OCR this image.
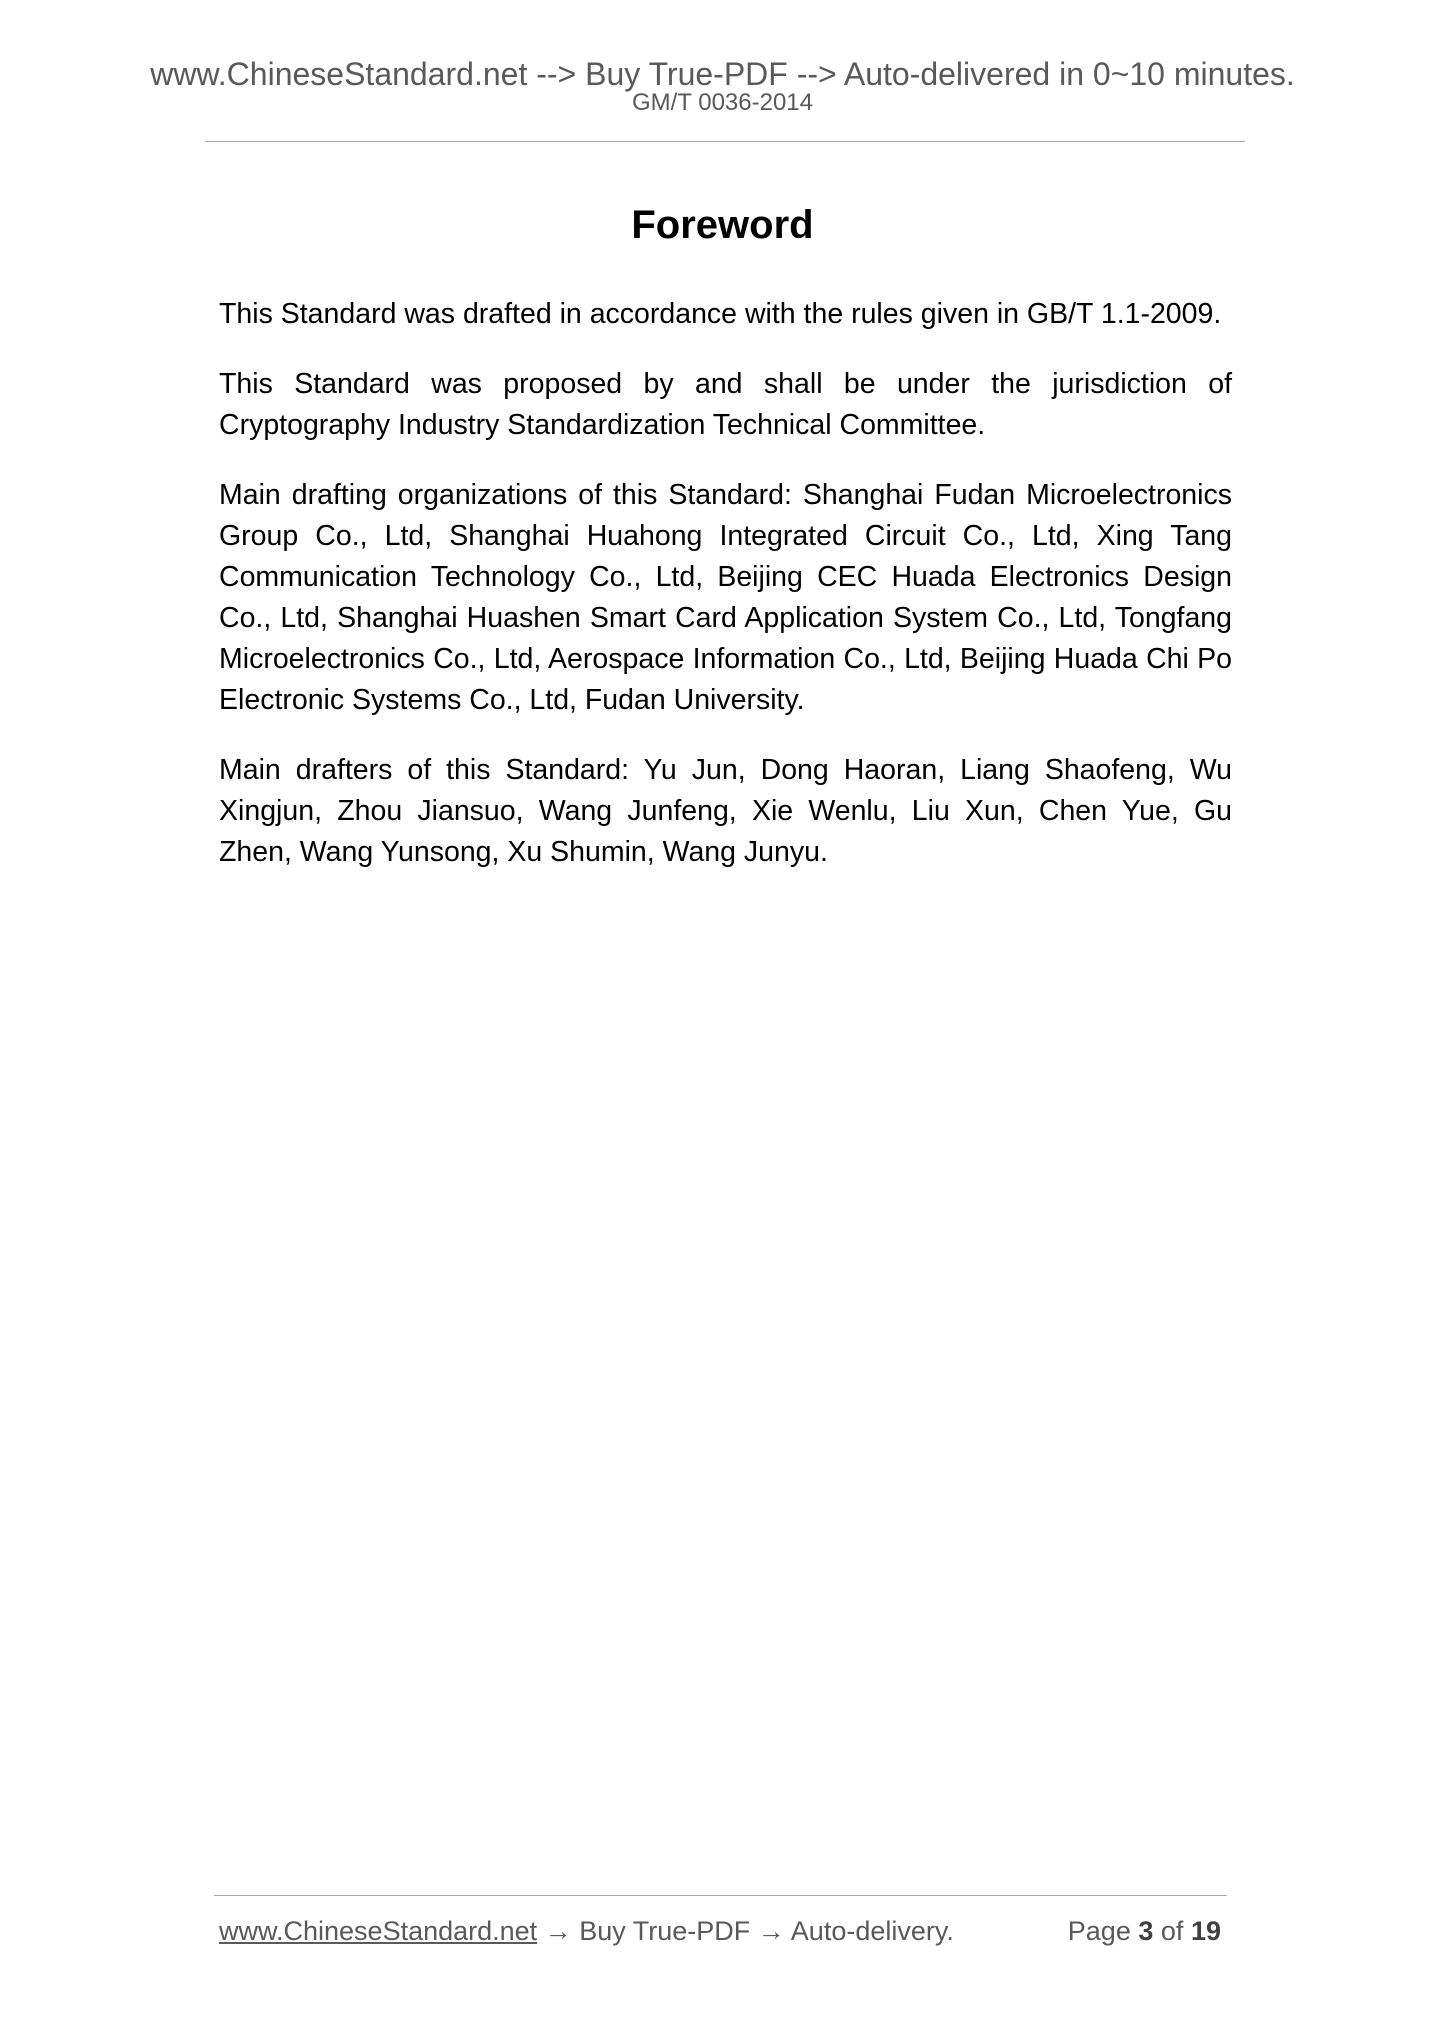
www.ChineseStandard.net --> Buy True-PDF --> Auto-delivered in 0~10 minutes.
GM/T 0036-2014
Foreword

This Standard was drafted in accordance with the rules given in GB/T 1.1-2009.

This Standard was proposed by and shall be under the jurisdiction of Cryptography Industry Standardization Technical Committee.

Main drafting organizations of this Standard: Shanghai Fudan Microelectronics Group Co., Ltd, Shanghai Huahong Integrated Circuit Co., Ltd, Xing Tang Communication Technology Co., Ltd, Beijing CEC Huada Electronics Design Co., Ltd, Shanghai Huashen Smart Card Application System Co., Ltd, Tongfang Microelectronics Co., Ltd, Aerospace Information Co., Ltd, Beijing Huada Chi Po Electronic Systems Co., Ltd, Fudan University.

Main drafters of this Standard: Yu Jun, Dong Haoran, Liang Shaofeng, Wu Xingjun, Zhou Jiansuo, Wang Junfeng, Xie Wenlu, Liu Xun, Chen Yue, Gu Zhen, Wang Yunsong, Xu Shumin, Wang Junyu.

www.ChineseStandard.net → Buy True-PDF → Auto-delivery.	Page 3 of 19
